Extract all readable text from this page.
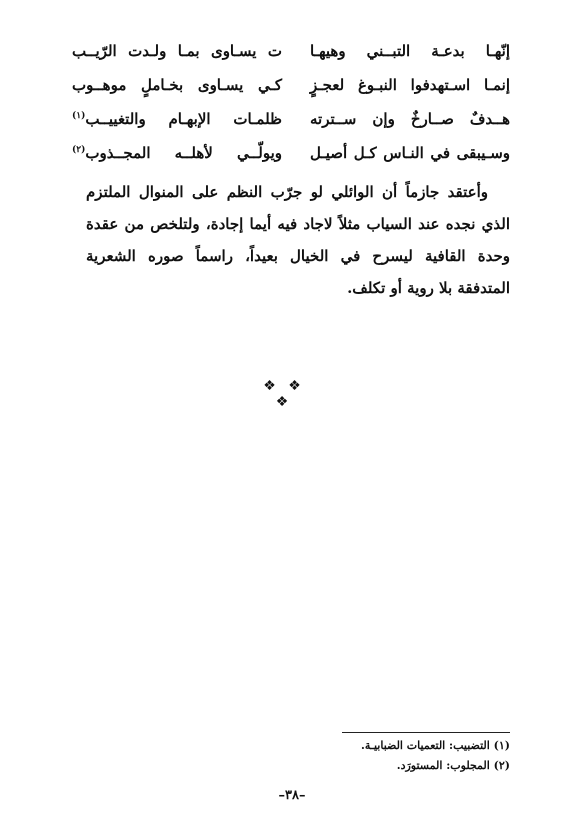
إنّهـا بدعـة التبــني وهيهـا
ت يسـاوى بمـا ولـدت الرّيــب
إنمـا اسـتهدفوا النبـوغ لعجـزٍ
كـي يسـاوى بخـاملٍ موهــوب
هــدفٌ صــارخٌ وإن ســترته
ظلمـات الإبهـام والتغييــب$^{(١)}$
وسـيبقى في النـاس كـل أصيـل
ويولّــي لأهلــه المجــذوب$^{(٢)}$
وأعتقد جازماً أن الوائلي لو جرّب النظم على المنوال الملتزم الذي نجده عند السياب مثلاً لاجاد فيه أيما إجادة، ولتلخص من عقدة وحدة القافية ليسرح في الخيال بعيداً، راسماً صوره الشعرية المتدفقة بلا روية أو تكلف.
❖ ❖ ❖
(١) التضبيب: التعميات الضبابيـة.
(٢) المجلوب: المستورَد.
–٣٨–
